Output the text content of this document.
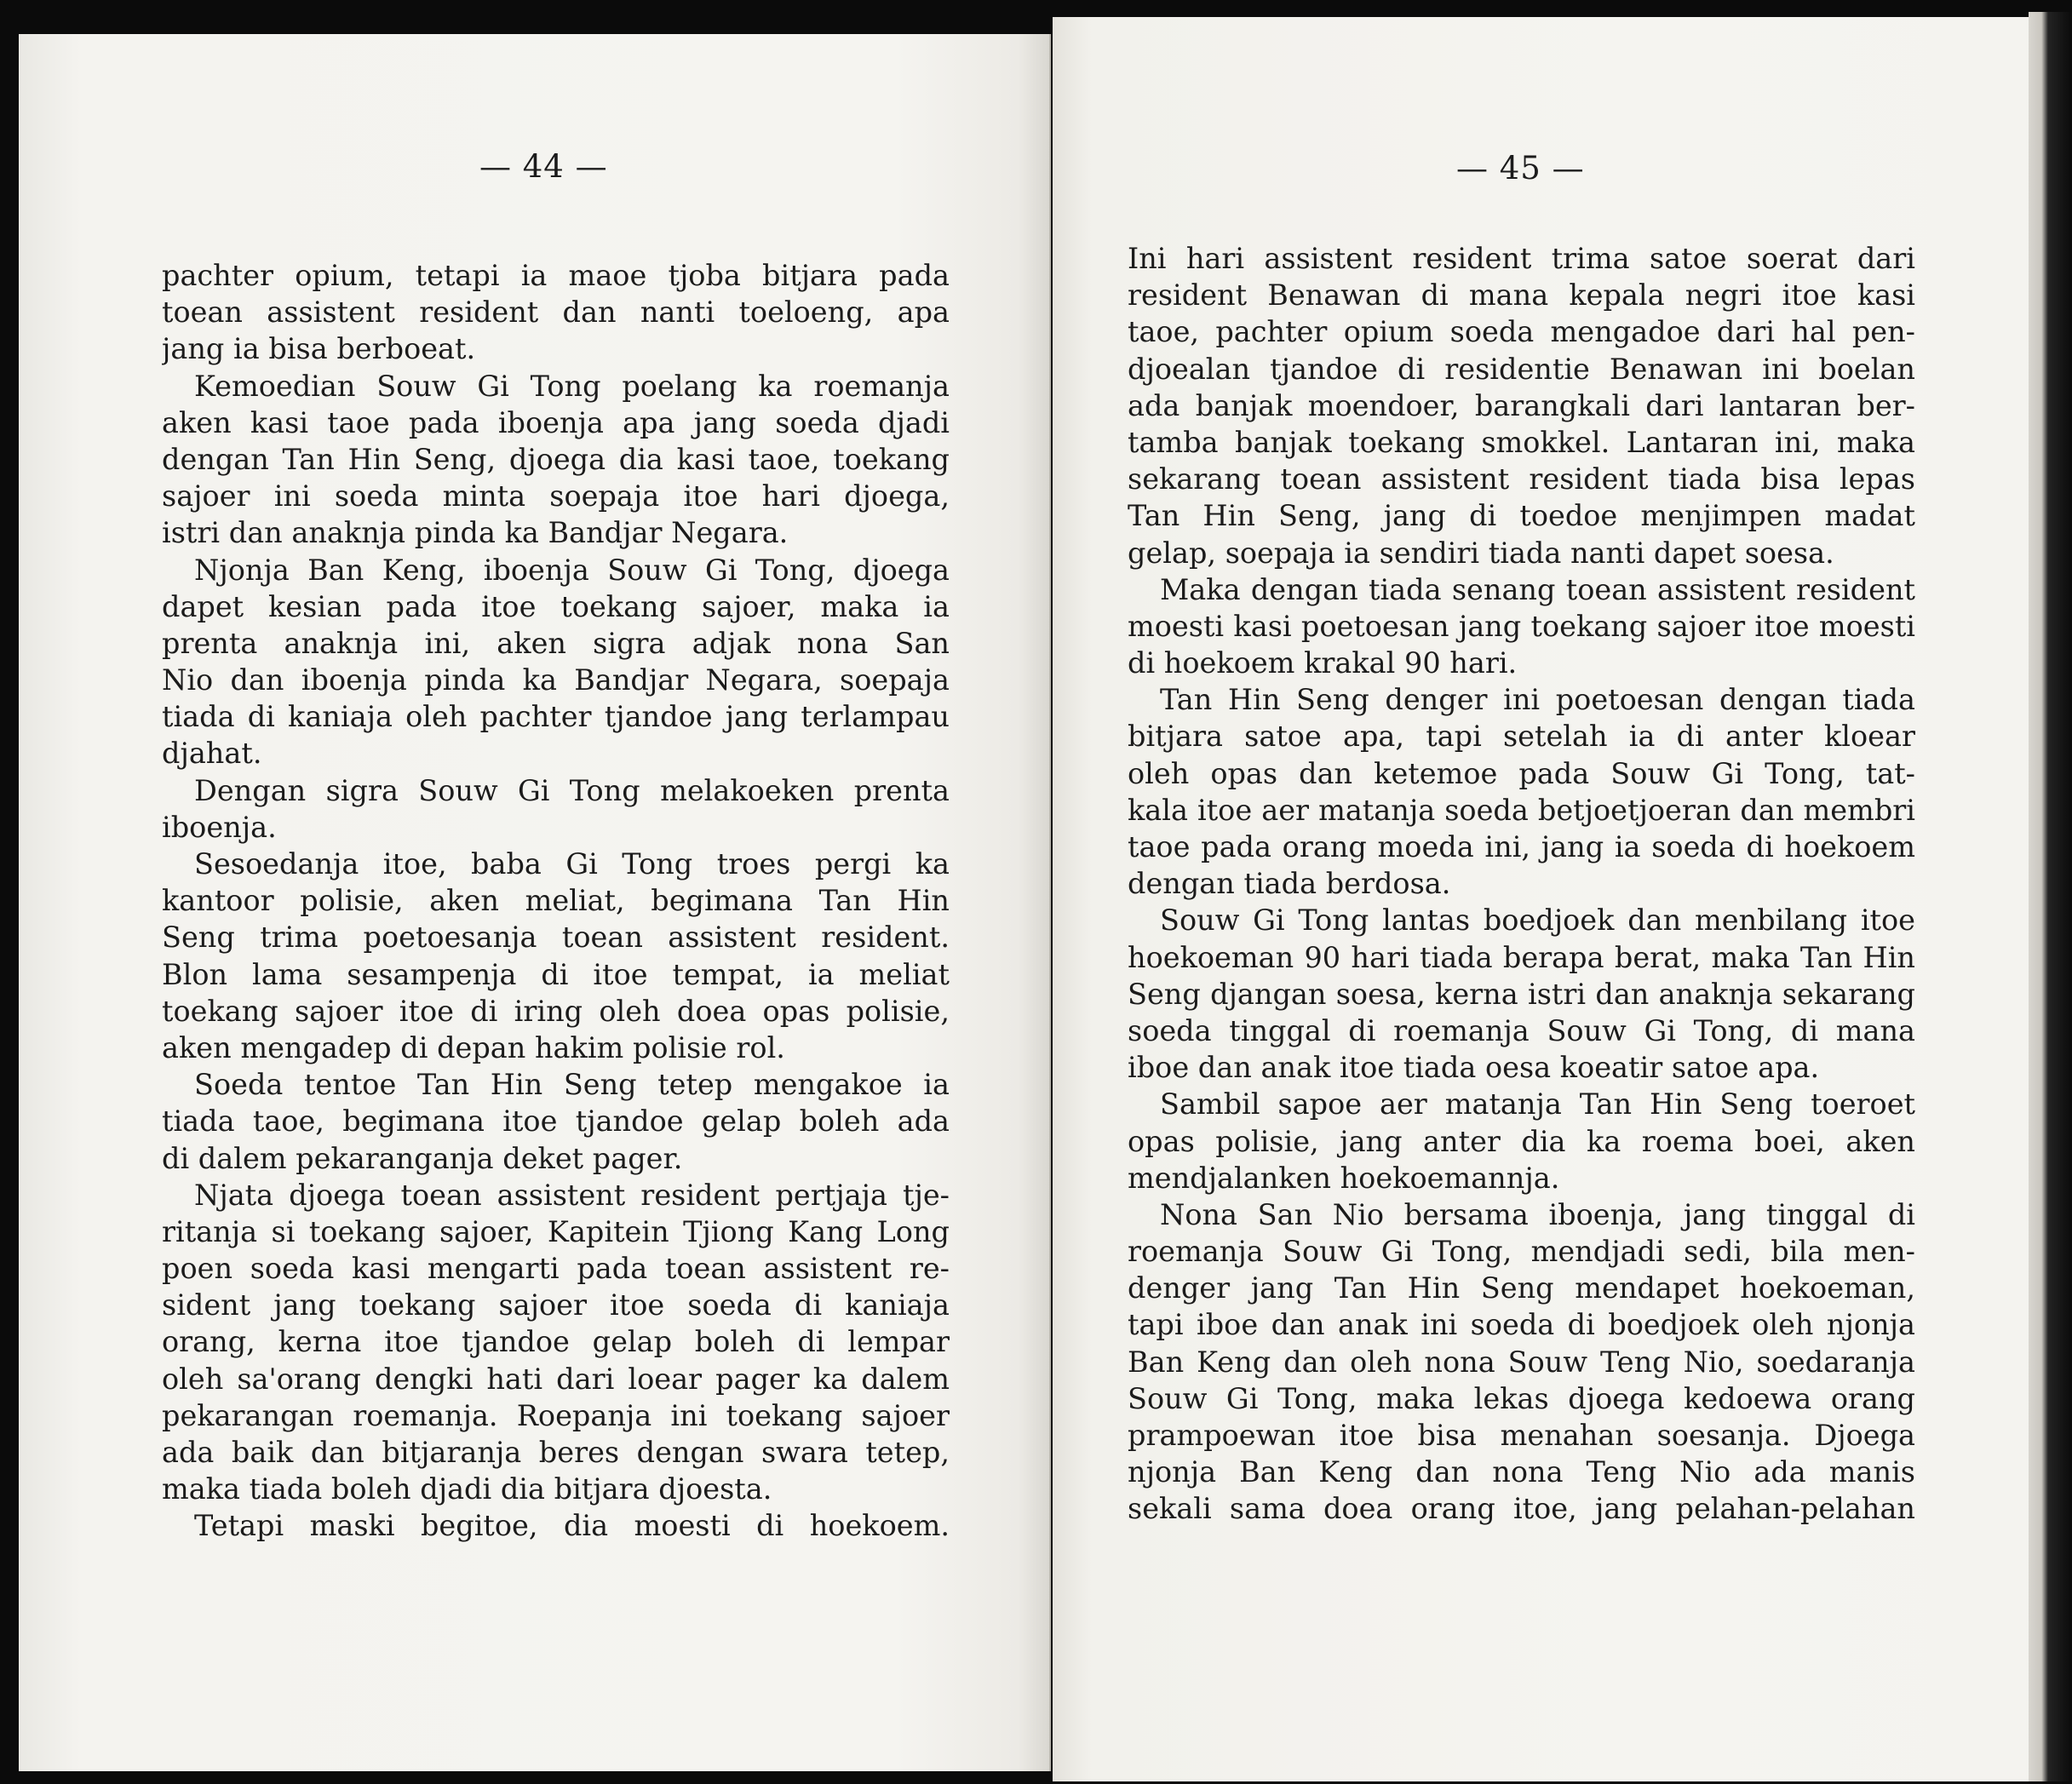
— 44 —
pachter opium, tetapi ia maoe tjoba bitjara pada
toean assistent resident dan nanti toeloeng, apa
jang ia bisa berboeat.
Kemoedian Souw Gi Tong poelang ka roemanja
aken kasi taoe pada iboenja apa jang soeda djadi
dengan Tan Hin Seng, djoega dia kasi taoe, toekang
sajoer ini soeda minta soepaja itoe hari djoega,
istri dan anaknja pinda ka Bandjar Negara.
Njonja Ban Keng, iboenja Souw Gi Tong, djoega
dapet kesian pada itoe toekang sajoer, maka ia
prenta anaknja ini, aken sigra adjak nona San
Nio dan iboenja pinda ka Bandjar Negara, soepaja
tiada di kaniaja oleh pachter tjandoe jang terlampau
djahat.
Dengan sigra Souw Gi Tong melakoeken prenta
iboenja.
Sesoedanja itoe, baba Gi Tong troes pergi ka
kantoor polisie, aken meliat, begimana Tan Hin
Seng trima poetoesanja toean assistent resident.
Blon lama sesampenja di itoe tempat, ia meliat
toekang sajoer itoe di iring oleh doea opas polisie,
aken mengadep di depan hakim polisie rol.
Soeda tentoe Tan Hin Seng tetep mengakoe ia
tiada taoe, begimana itoe tjandoe gelap boleh ada
di dalem pekaranganja deket pager.
Njata djoega toean assistent resident pertjaja tje-
ritanja si toekang sajoer, Kapitein Tjiong Kang Long
poen soeda kasi mengarti pada toean assistent re-
sident jang toekang sajoer itoe soeda di kaniaja
orang, kerna itoe tjandoe gelap boleh di lempar
oleh sa'orang dengki hati dari loear pager ka dalem
pekarangan roemanja. Roepanja ini toekang sajoer
ada baik dan bitjaranja beres dengan swara tetep,
maka tiada boleh djadi dia bitjara djoesta.
Tetapi maski begitoe, dia moesti di hoekoem.
— 45 —
Ini hari assistent resident trima satoe soerat dari
resident Benawan di mana kepala negri itoe kasi
taoe, pachter opium soeda mengadoe dari hal pen-
djoealan tjandoe di residentie Benawan ini boelan
ada banjak moendoer, barangkali dari lantaran ber-
tamba banjak toekang smokkel. Lantaran ini, maka
sekarang toean assistent resident tiada bisa lepas
Tan Hin Seng, jang di toedoe menjimpen madat
gelap, soepaja ia sendiri tiada nanti dapet soesa.
Maka dengan tiada senang toean assistent resident
moesti kasi poetoesan jang toekang sajoer itoe moesti
di hoekoem krakal 90 hari.
Tan Hin Seng denger ini poetoesan dengan tiada
bitjara satoe apa, tapi setelah ia di anter kloear
oleh opas dan ketemoe pada Souw Gi Tong, tat-
kala itoe aer matanja soeda betjoetjoeran dan membri
taoe pada orang moeda ini, jang ia soeda di hoekoem
dengan tiada berdosa.
Souw Gi Tong lantas boedjoek dan menbilang itoe
hoekoeman 90 hari tiada berapa berat, maka Tan Hin
Seng djangan soesa, kerna istri dan anaknja sekarang
soeda tinggal di roemanja Souw Gi Tong, di mana
iboe dan anak itoe tiada oesa koeatir satoe apa.
Sambil sapoe aer matanja Tan Hin Seng toeroet
opas polisie, jang anter dia ka roema boei, aken
mendjalanken hoekoemannja.
Nona San Nio bersama iboenja, jang tinggal di
roemanja Souw Gi Tong, mendjadi sedi, bila men-
denger jang Tan Hin Seng mendapet hoekoeman,
tapi iboe dan anak ini soeda di boedjoek oleh njonja
Ban Keng dan oleh nona Souw Teng Nio, soedaranja
Souw Gi Tong, maka lekas djoega kedoewa orang
prampoewan itoe bisa menahan soesanja. Djoega
njonja Ban Keng dan nona Teng Nio ada manis
sekali sama doea orang itoe, jang pelahan-pelahan
